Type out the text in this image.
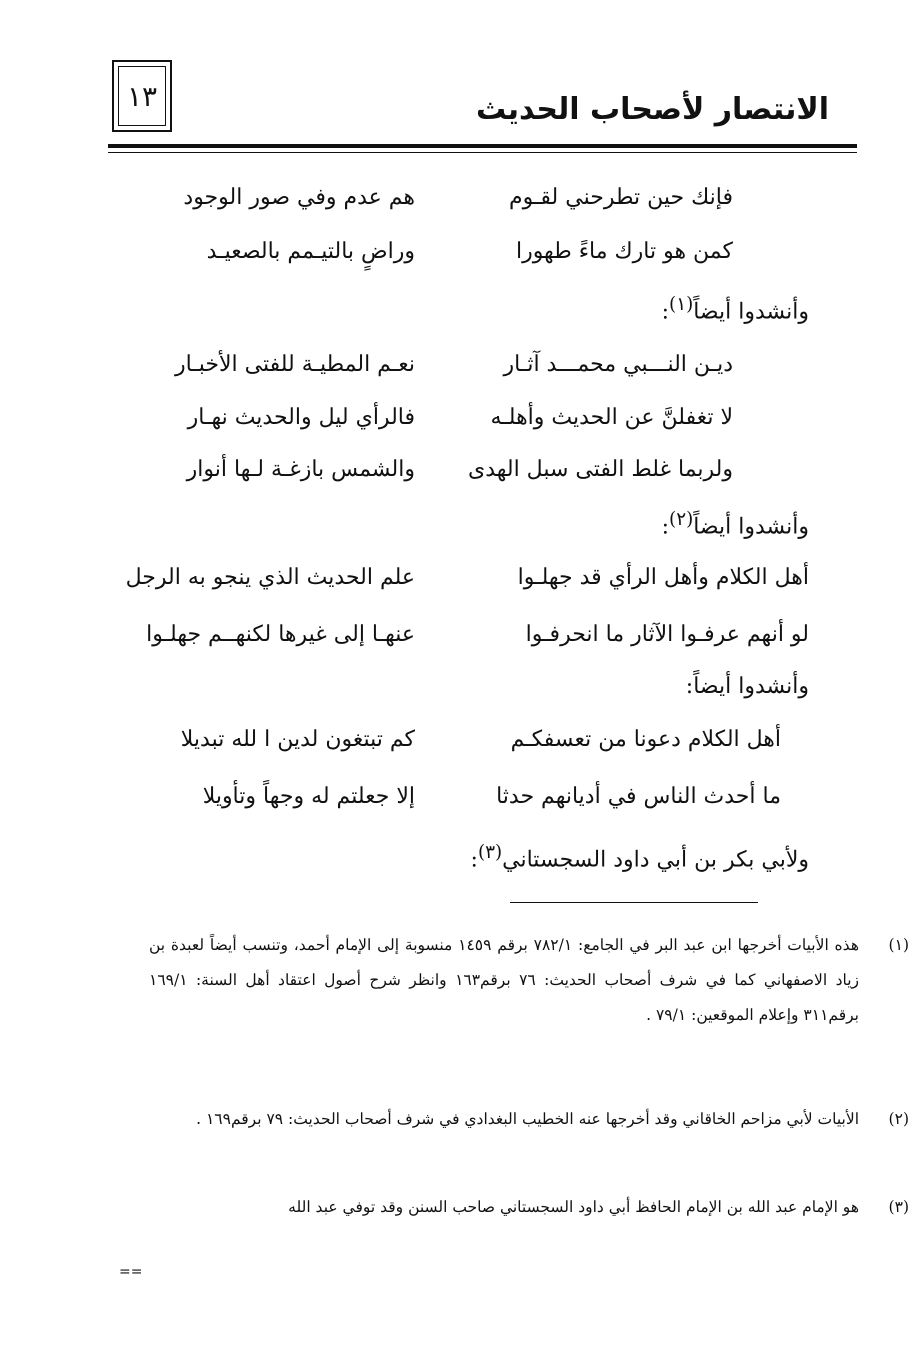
١٣	الانتصار لأصحاب الحديث
فإنك حين تطرحني لقـوم
هم عدم وفي صور الوجود
كمن هو تارك ماءً طهورا
وراضٍ بالتيـمم بالصعيـد
وأنشدوا أيضاً$^{(١)}$:
ديـن النـــبي محمـــد آثـار
نعـم المطيـة للفتى الأخبـار
لا تغفلنَّ عن الحديث وأهلـه
فالرأي ليل والحديث نهـار
ولربما غلط الفتى سبل الهدى
والشمس بازغـة لـها أنوار
وأنشدوا أيضاً$^{(٢)}$:
أهل الكلام وأهل الرأي قد جهلـوا
علم الحديث الذي ينجو به الرجل
لو أنهم عرفـوا الآثار ما انحرفـوا
عنهـا إلى غيرها لكنهــم جهلـوا
وأنشدوا أيضاً:
أهل الكلام دعونا من تعسفكـم
كم تبتغون لدين ا لله تبديلا
ما أحدث الناس في أديانهم حدثا
إلا جعلتم له وجهاً وتأويلا
ولأبي بكر بن أبي داود السجستاني$^{(٣)}$:
(١)
هذه الأبيات أخرجها ابن عبد البر في الجامع: ٧٨٢/١ برقم ١٤٥٩ منسوبة إلى الإمام أحمد، وتنسب أيضاً لعبدة بن زياد الاصفهاني كما في شرف أصحاب الحديث: ٧٦ برقم١٦٣ وانظر شرح أصول اعتقاد أهل السنة: ١٦٩/١ برقم٣١١ وإعلام الموقعين: ٧٩/١ .
(٢)
الأبيات لأبي مزاحم الخاقاني وقد أخرجها عنه الخطيب البغدادي في شرف أصحاب الحديث: ٧٩ برقم١٦٩ .
(٣)
هو الإمام عبد الله بن الإمام الحافظ أبي داود السجستاني صاحب السنن وقد توفي عبد الله
==
